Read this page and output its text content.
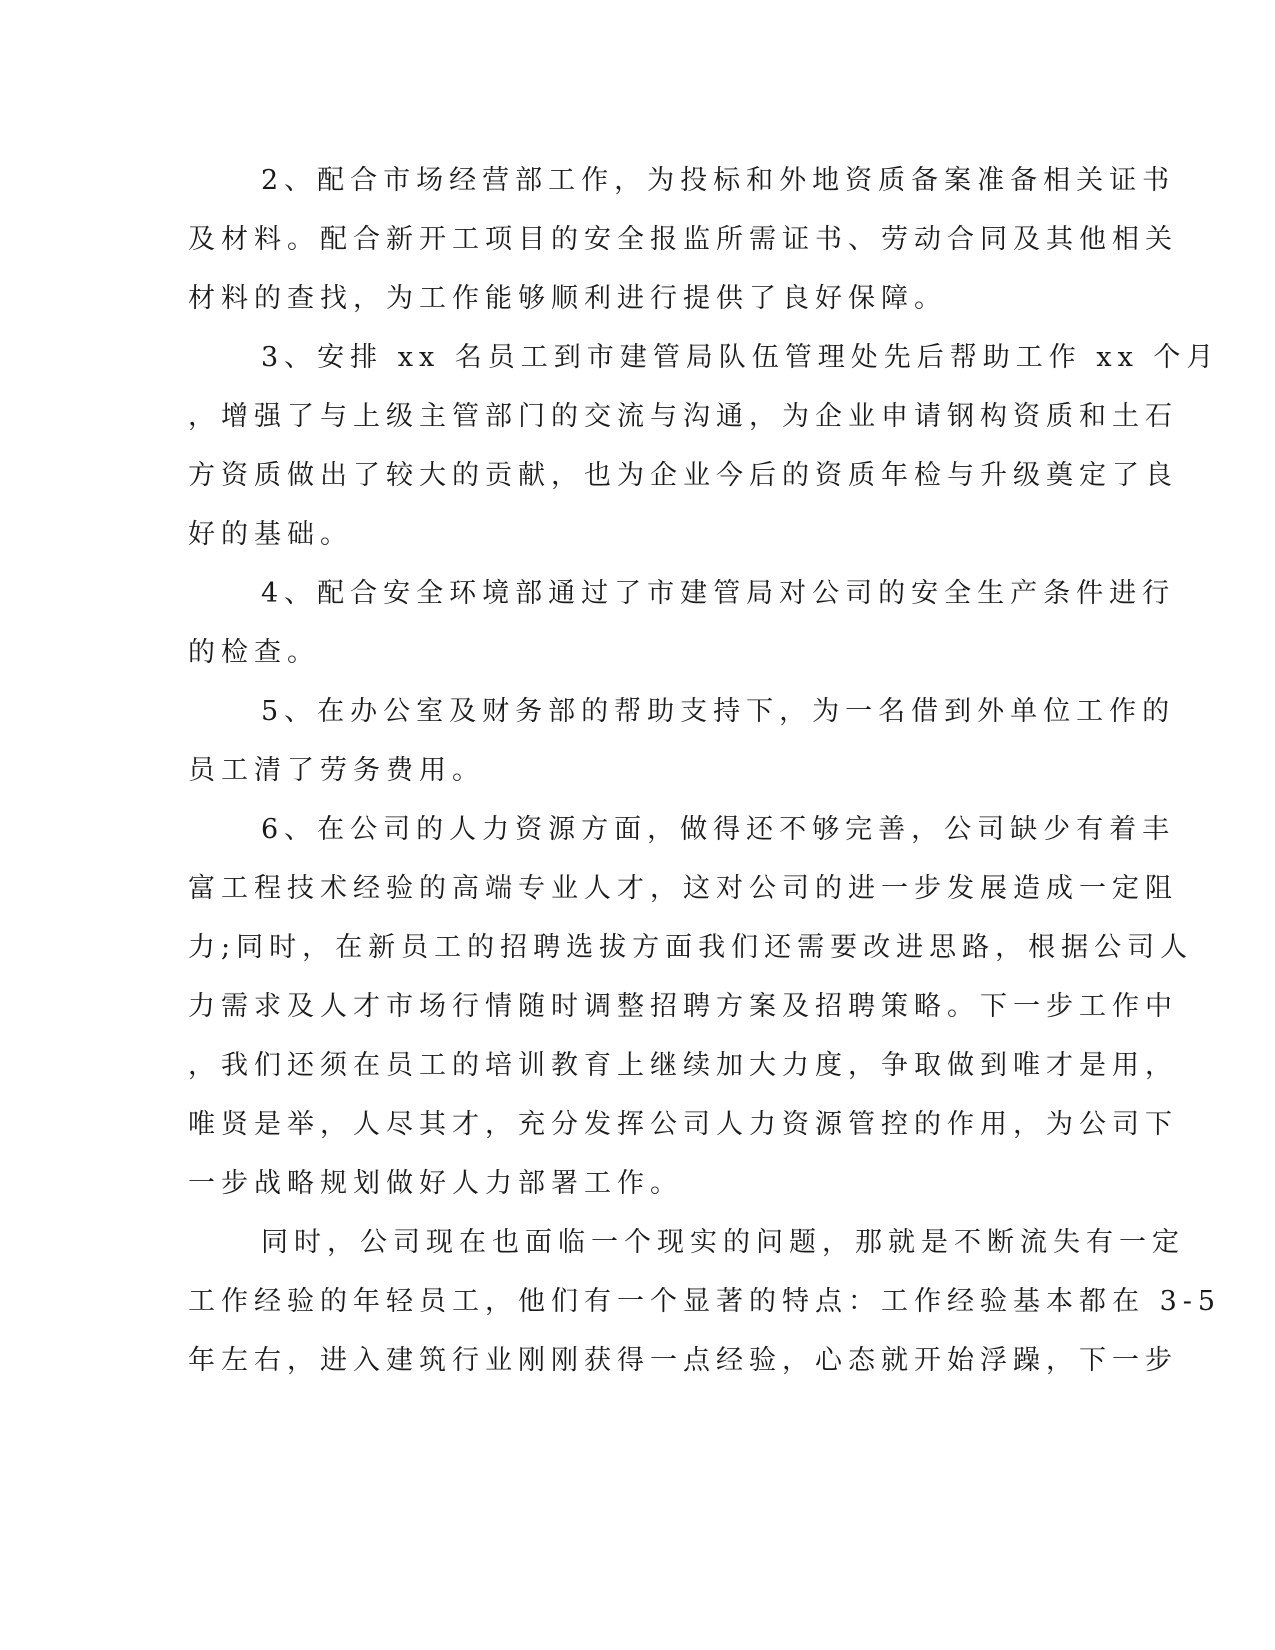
2、配合市场经营部工作，为投标和外地资质备案准备相关证书
及材料。配合新开工项目的安全报监所需证书、劳动合同及其他相关
材料的查找，为工作能够顺利进行提供了良好保障。
3、安排 xx 名员工到市建管局队伍管理处先后帮助工作 xx 个月
，增强了与上级主管部门的交流与沟通，为企业申请钢构资质和土石
方资质做出了较大的贡献，也为企业今后的资质年检与升级奠定了良
好的基础。
4、配合安全环境部通过了市建管局对公司的安全生产条件进行
的检查。
5、在办公室及财务部的帮助支持下，为一名借到外单位工作的
员工清了劳务费用。
6、在公司的人力资源方面，做得还不够完善，公司缺少有着丰
富工程技术经验的高端专业人才，这对公司的进一步发展造成一定阻
力;同时，在新员工的招聘选拔方面我们还需要改进思路，根据公司人
力需求及人才市场行情随时调整招聘方案及招聘策略。下一步工作中
，我们还须在员工的培训教育上继续加大力度，争取做到唯才是用，
唯贤是举，人尽其才，充分发挥公司人力资源管控的作用，为公司下
一步战略规划做好人力部署工作。
同时，公司现在也面临一个现实的问题，那就是不断流失有一定
工作经验的年轻员工，他们有一个显著的特点：工作经验基本都在 3-5
年左右，进入建筑行业刚刚获得一点经验，心态就开始浮躁，下一步
